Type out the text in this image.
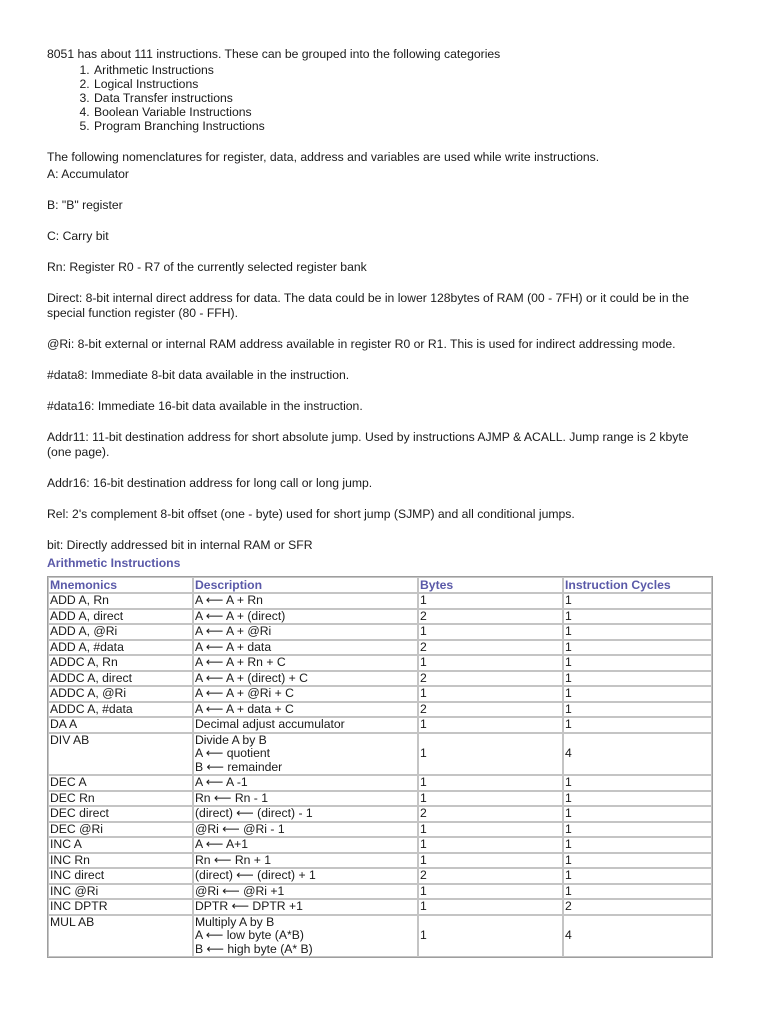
8051 has about 111 instructions. These can be grouped into the following categories

1. Arithmetic Instructions
2. Logical Instructions
3. Data Transfer instructions
4. Boolean Variable Instructions
5. Program Branching Instructions

The following nomenclatures for register, data, address and variables are used while write instructions.

A: Accumulator

B: "B" register

C: Carry bit

Rn: Register R0 - R7 of the currently selected register bank

Direct: 8-bit internal direct address for data. The data could be in lower 128bytes of RAM (00 - 7FH) or it could be in the special function register (80 - FFH).

@Ri: 8-bit external or internal RAM address available in register R0 or R1. This is used for indirect addressing mode.

#data8: Immediate 8-bit data available in the instruction.

#data16: Immediate 16-bit data available in the instruction.

Addr11: 11-bit destination address for short absolute jump. Used by instructions AJMP & ACALL. Jump range is 2 kbyte (one page).

Addr16: 16-bit destination address for long call or long jump.

Rel: 2's complement 8-bit offset (one - byte) used for short jump (SJMP) and all conditional jumps.

bit: Directly addressed bit in internal RAM or SFR

Arithmetic Instructions
Mnemonics	Description	Bytes	Instruction Cycles
ADD A, Rn	A ⟵ A + Rn	1	1
ADD A, direct	A ⟵ A + (direct)	2	1
ADD A, @Ri	A ⟵ A + @Ri	1	1
ADD A, #data	A ⟵ A + data	2	1
ADDC A, Rn	A ⟵ A + Rn + C	1	1
ADDC A, direct	A ⟵ A + (direct) + C	2	1
ADDC A, @Ri	A ⟵ A + @Ri + C	1	1
ADDC A, #data	A ⟵ A + data + C	2	1
DA A	Decimal adjust accumulator	1	1
DIV AB	Divide A by B
A ⟵ quotient
B ⟵ remainder	1	4
DEC A	A ⟵ A -1	1	1
DEC Rn	Rn ⟵ Rn - 1	1	1
DEC direct	(direct) ⟵ (direct) - 1	2	1
DEC @Ri	@Ri ⟵ @Ri - 1	1	1
INC A	A ⟵ A+1	1	1
INC Rn	Rn ⟵ Rn + 1	1	1
INC direct	(direct) ⟵ (direct) + 1	2	1
INC @Ri	@Ri ⟵ @Ri +1	1	1
INC DPTR	DPTR ⟵ DPTR +1	1	2
MUL AB	Multiply A by B
A ⟵ low byte (A*B)
B ⟵ high byte (A* B)	1	4
